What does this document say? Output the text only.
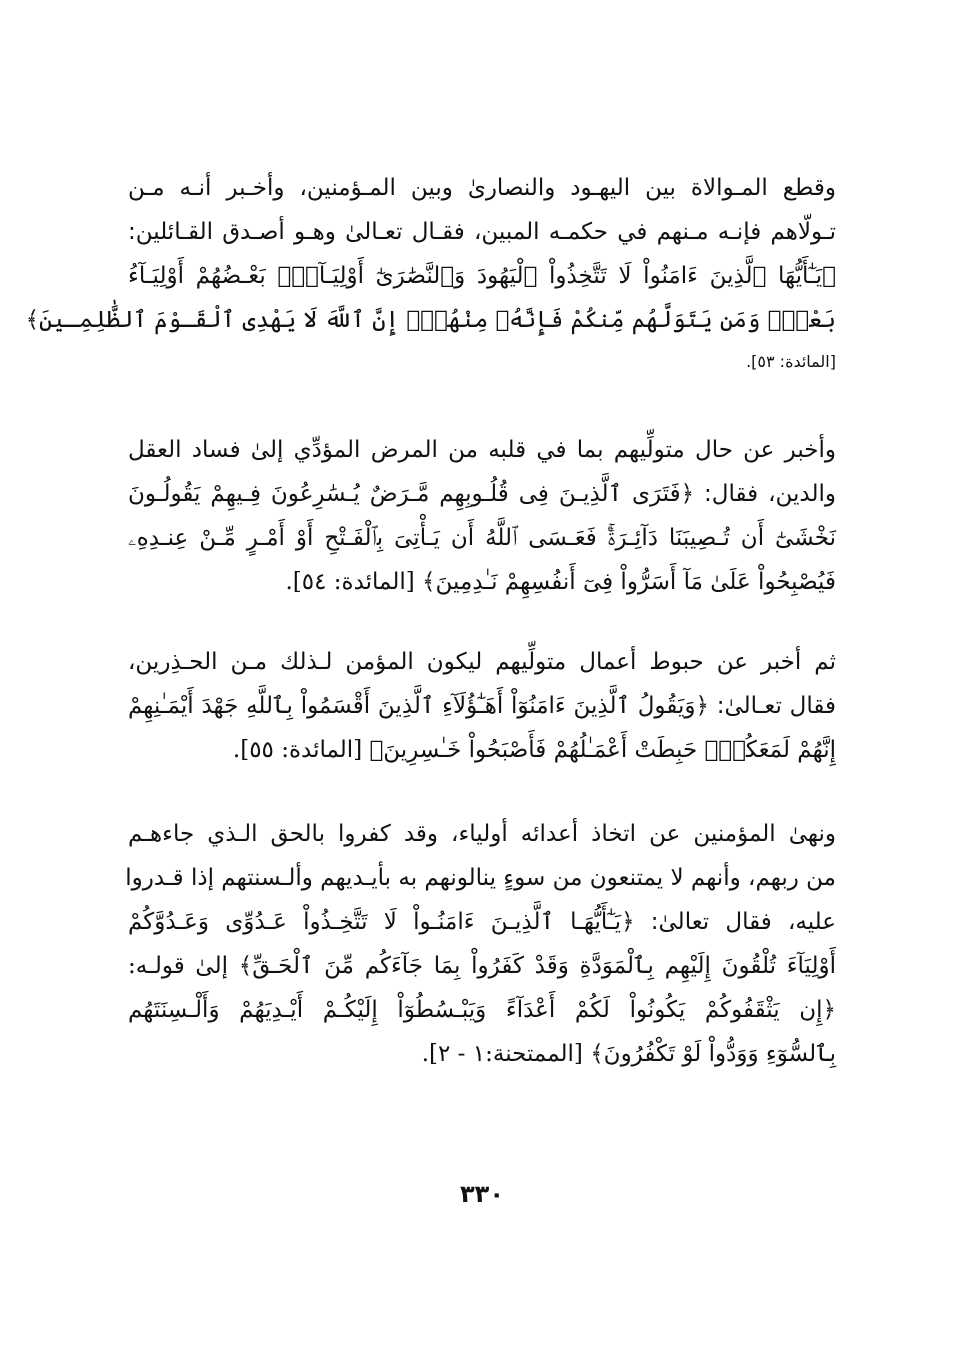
وقطع المـوالاة بين اليهـود والنصارىٰ وبين المـؤمنين، وأخـبر أنـه مـن
تـولّاهم فإنـه مـنهم في حكمـه المبين، فقـال تعـالىٰ وهـو أصـدق القـائلين:
﴿يَـٰٓأَيُّهَا ٱلَّذِينَ ءَامَنُواْ لَا تَتَّخِذُواْ ٱلْيَهُودَ وَٱلنَّصَٰرَىٰٓ أَوْلِيَـآءَۘ بَعْـضُهُمْ أَوْلِيَـآءُ
بَعْضٍۚ وَمَن يَتَوَلَّهُم مِّنكُمْ فَإِنَّهُۥ مِنْهُمْۗ إِنَّ ٱللَّهَ لَا يَهْدِى ٱلْقَـوْمَ ٱلظَّٰلِمِـينَ﴾
[المائدة: ٥٣].
وأخبر عن حال متولِّيهم بما في قلبه من المرض المؤدِّي إلىٰ فساد العقل
والدين، فقال: ﴿فَتَرَى ٱلَّذِيـنَ فِى قُلُـوبِهِم مَّـرَضٌ يُـسَٰرِعُونَ فِـيهِمْ يَقُولُـونَ
نَخْشَىٰٓ أَن تُـصِيبَنَا دَآئِـرَةٌۚ فَعَـسَى ٱللَّهُ أَن يَـأْتِىَ بِٱلْفَـتْحِ أَوْ أَمْـرٍ مِّـنْ عِنـدِهِۦ
فَيُصْبِحُواْ عَلَىٰ مَآ أَسَرُّواْ فِىٓ أَنفُسِهِمْ نَـٰدِمِينَ﴾ [المائدة: ٥٤].
ثم أخبر عن حبوط أعمال متولِّيهم ليكون المؤمن لـذلك مـن الحـذِرين،
فقال تعـالىٰ: ﴿وَيَقُولُ ٱلَّذِينَ ءَامَنُوٓاْ أَهَـٰٓؤُلَآءِ ٱلَّذِينَ أَقْسَمُواْ بِٱللَّهِ جَهْدَ أَيْمَـٰنِهِمْ
إِنَّهُمْ لَمَعَكُمْۚ حَبِطَتْ أَعْمَـٰلُهُمْ فَأَصْبَحُواْ خَـٰسِرِينَ﴾ [المائدة: ٥٥].
ونهىٰ المؤمنين عن اتخاذ أعدائه أولياء، وقد كفروا بالحق الـذي جاءهـم
من ربهم، وأنهم لا يمتنعون من سوءٍ ينالونهم به بأيـديهم وألـسنتهم إذا قـدروا
عليه، فقال تعالىٰ: ﴿يَـٰٓأَيُّهَـا ٱلَّذِيـنَ ءَامَنُـواْ لَا تَتَّخِـذُواْ عَـدُوِّى وَعَـدُوَّكُمْ
أَوْلِيَآءَ تُلْقُونَ إِلَيْهِم بِٱلْمَوَدَّةِ وَقَدْ كَفَرُواْ بِمَا جَآءَكُم مِّنَ ٱلْحَـقِّ﴾ إلىٰ قولـه:
﴿إِن يَثْقَفُوكُمْ يَكُونُواْ لَكُمْ أَعْدَآءً وَيَبْـسُطُوٓاْ إِلَيْكُـمْ أَيْـدِيَهُمْ وَأَلْـسِنَتَهُم
بِٱلسُّوٓءِ وَوَدُّواْ لَوْ تَكْفُرُونَ﴾ [الممتحنة:١ - ٢].
٣٣٠
